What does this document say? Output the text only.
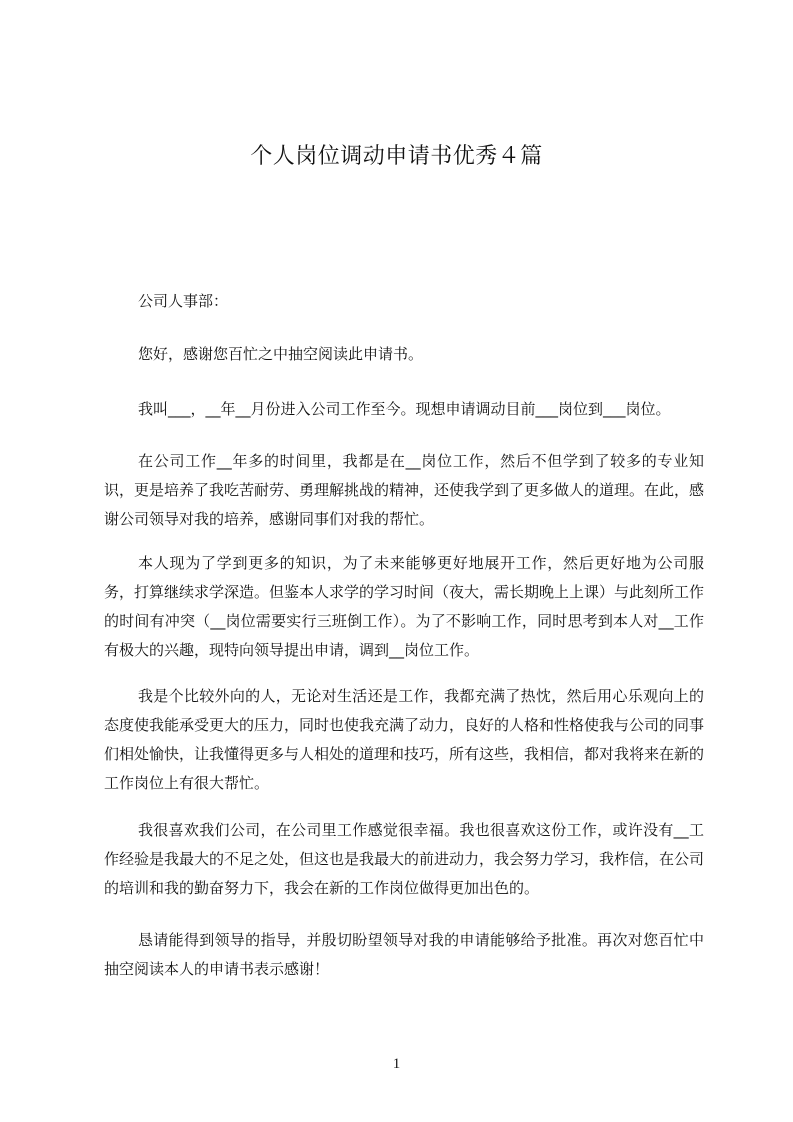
个人岗位调动申请书优秀４篇

公司人事部：

您好，感谢您百忙之中抽空阅读此申请书。

我叫___，__年__月份进入公司工作至今。现想申请调动目前___岗位到___岗位。

在公司工作__年多的时间里，我都是在__岗位工作，然后不但学到了较多的专业知识，更是培养了我吃苦耐劳、勇理解挑战的精神，还使我学到了更多做人的道理。在此，感谢公司领导对我的培养，感谢同事们对我的帮忙。

本人现为了学到更多的知识，为了未来能够更好地展开工作，然后更好地为公司服务，打算继续求学深造。但鉴本人求学的学习时间（夜大，需长期晚上上课）与此刻所工作的时间有冲突（__岗位需要实行三班倒工作）。为了不影响工作，同时思考到本人对__工作有极大的兴趣，现特向领导提出申请，调到__岗位工作。

我是个比较外向的人，无论对生活还是工作，我都充满了热忱，然后用心乐观向上的态度使我能承受更大的压力，同时也使我充满了动力，良好的人格和性格使我与公司的同事们相处愉快，让我懂得更多与人相处的道理和技巧，所有这些，我相信，都对我将来在新的工作岗位上有很大帮忙。

我很喜欢我们公司，在公司里工作感觉很幸福。我也很喜欢这份工作，或许没有__工作经验是我最大的不足之处，但这也是我最大的前进动力，我会努力学习，我柞信，在公司的培训和我的勤奋努力下，我会在新的工作岗位做得更加出色的。

恳请能得到领导的指导，并殷切盼望领导对我的申请能够给予批准。再次对您百忙中抽空阅读本人的申请书表示感谢！

1
